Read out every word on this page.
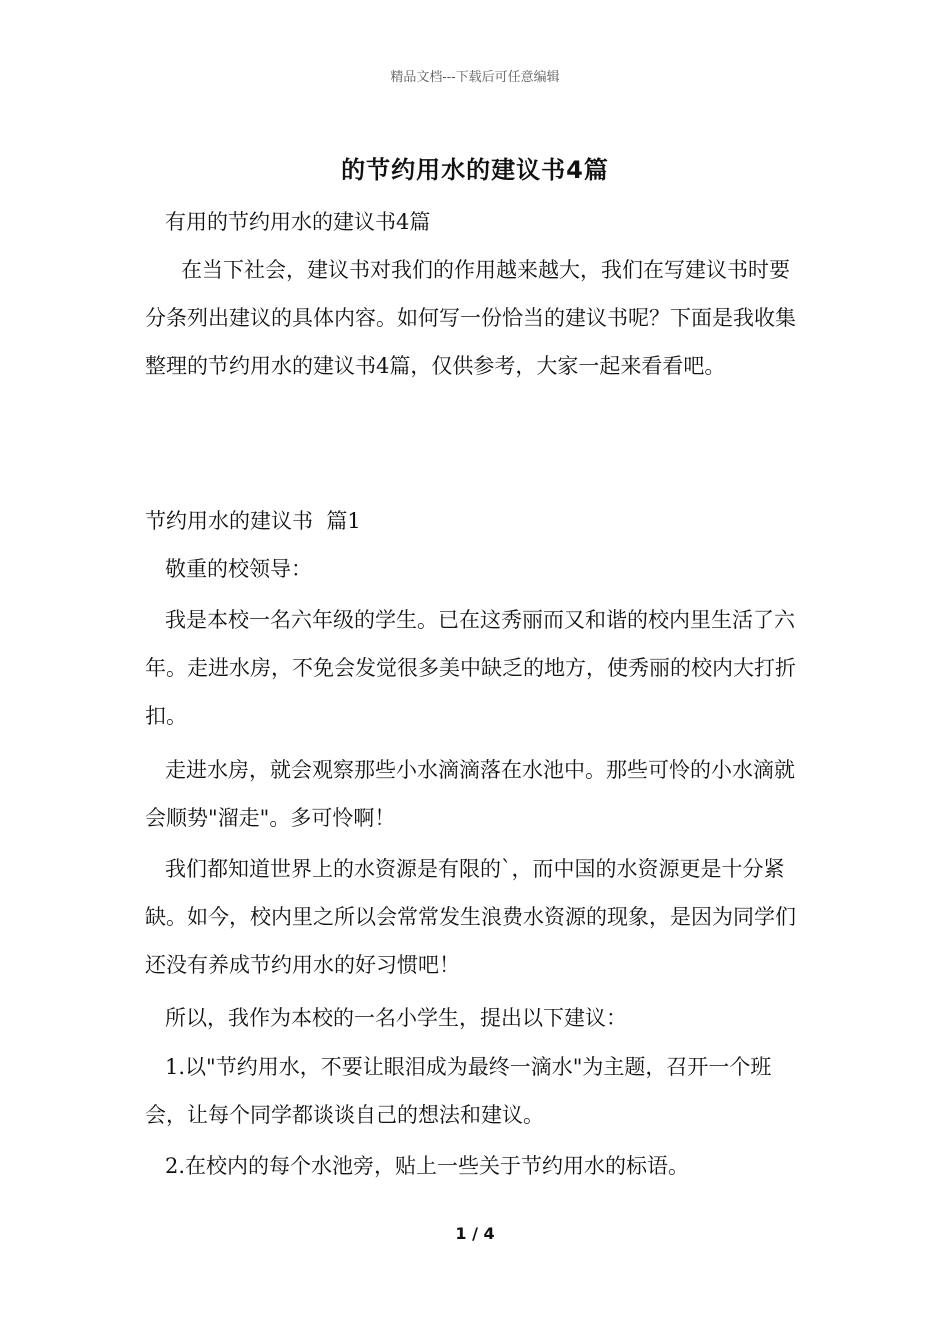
精品文档---下载后可任意编辑
的节约用水的建议书4篇

有用的节约用水的建议书4篇

在当下社会，建议书对我们的作用越来越大，我们在写建议书时要分条列出建议的具体内容。如何写一份恰当的建议书呢？下面是我收集整理的节约用水的建议书4篇，仅供参考，大家一起来看看吧。

节约用水的建议书  篇1

敬重的校领导：

我是本校一名六年级的学生。已在这秀丽而又和谐的校内里生活了六年。走进水房，不免会发觉很多美中缺乏的地方，使秀丽的校内大打折扣。

走进水房，就会观察那些小水滴滴落在水池中。那些可怜的小水滴就会顺势"溜走"。多可怜啊！

我们都知道世界上的水资源是有限的`，而中国的水资源更是十分紧缺。如今，校内里之所以会常常发生浪费水资源的现象，是因为同学们还没有养成节约用水的好习惯吧！

所以，我作为本校的一名小学生，提出以下建议：

1.以"节约用水，不要让眼泪成为最终一滴水"为主题，召开一个班会，让每个同学都谈谈自己的想法和建议。

2.在校内的每个水池旁，贴上一些关于节约用水的标语。

1 / 4
